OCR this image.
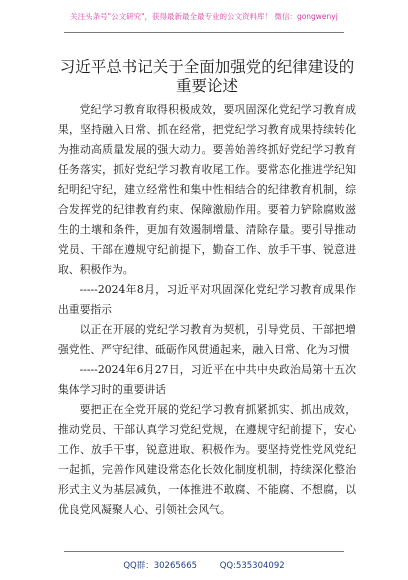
关注头条号"公文研究"，获得最新最全最专业的公文资料库！ 微信：gongwenyj
习近平总书记关于全面加强党的纪律建设的重要论述

党纪学习教育取得积极成效，要巩固深化党纪学习教育成果，坚持融入日常、抓在经常，把党纪学习教育成果持续转化为推动高质量发展的强大动力。要善始善终抓好党纪学习教育任务落实，抓好党纪学习教育收尾工作。要常态化推进学纪知纪明纪守纪，建立经常性和集中性相结合的纪律教育机制，综合发挥党的纪律教育约束、保障激励作用。要着力铲除腐败滋生的土壤和条件，更加有效遏制增量、清除存量。要引导推动党员、干部在遵规守纪前提下，勤奋工作、放手干事、锐意进取、积极作为。

-----2024年8月，习近平对巩固深化党纪学习教育成果作出重要指示

以正在开展的党纪学习教育为契机，引导党员、干部把增强党性、严守纪律、砥砺作风贯通起来，融入日常、化为习惯

-----2024年6月27日，习近平在中共中央政治局第十五次集体学习时的重要讲话

要把正在全党开展的党纪学习教育抓紧抓实、抓出成效，推动党员、干部认真学习党纪党规，在遵规守纪前提下，安心工作、放手干事，锐意进取、积极作为。要坚持党性党风党纪一起抓，完善作风建设常态化长效化制度机制，持续深化整治形式主义为基层减负，一体推进不敢腐、不能腐、不想腐，以优良党风凝聚人心、引领社会风气。

QQ群：30265665	QQ:535304092
